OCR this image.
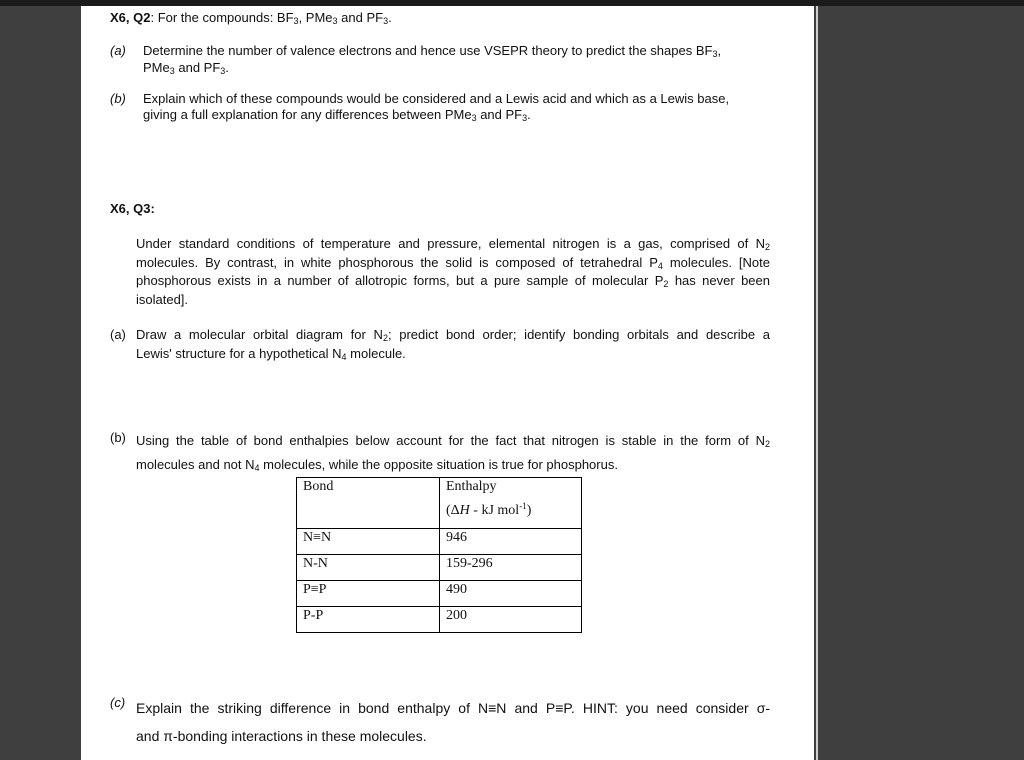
X6, Q2: For the compounds: $BF_3$, PMe$_3$ and $PF_3$.
(a) Determine the number of valence electrons and hence use VSEPR theory to predict the shapes $BF_3$,
PMe$_3$ and $PF_3$.
(b) Explain which of these compounds would be considered and a Lewis acid and which as a Lewis base,
giving a full explanation for any differences between PMe$_3$ and $PF_3$.
X6, Q3:
Under standard conditions of temperature and pressure, elemental nitrogen is a gas, comprised of $N_2$
molecules. By contrast, in white phosphorous the solid is composed of tetrahedral $P_4$ molecules. [Note
phosphorous exists in a number of allotropic forms, but a pure sample of molecular $P_2$ has never been
isolated].
(a) Draw a molecular orbital diagram for $N_2$; predict bond order; identify bonding orbitals and describe a
Lewis' structure for a hypothetical $N_4$ molecule.
(b) Using the table of bond enthalpies below account for the fact that nitrogen is stable in the form of $N_2$
molecules and not $N_4$ molecules, while the opposite situation is true for phosphorus.
Bond	Enthalpy
(ΔH - kJ mol$^{-1}$)

N≡N	946
N-N	159-296
P≡P	490
P-P	200
(c) Explain the striking difference in bond enthalpy of N≡N and P≡P. HINT: you need consider σ-
and π-bonding interactions in these molecules.
